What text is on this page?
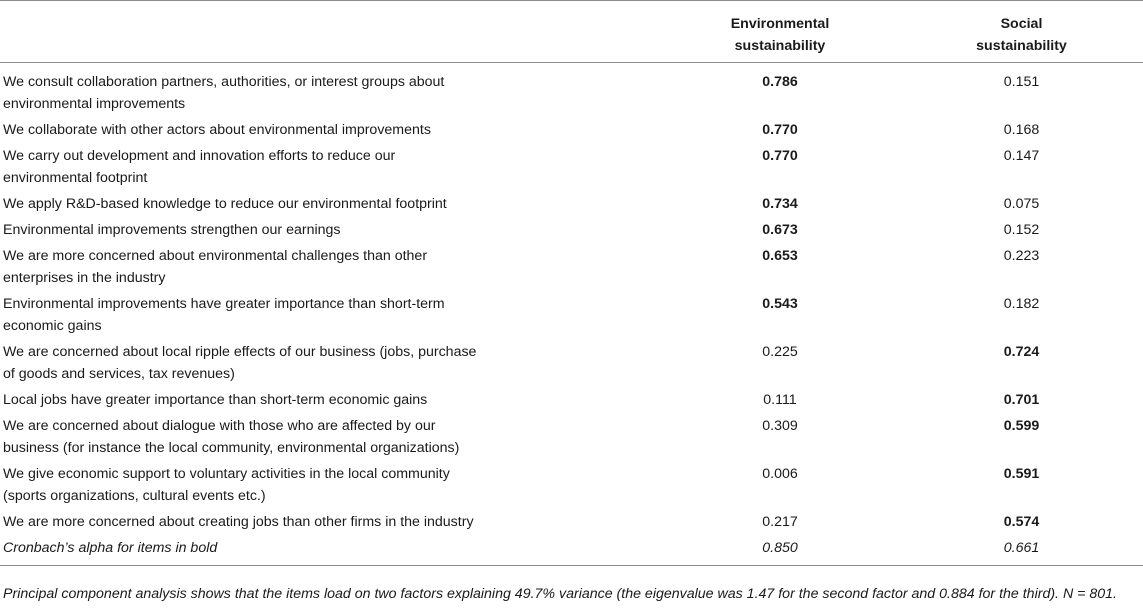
	Environmental
sustainability	Social
sustainability
We consult collaboration partners, authorities, or interest groups about
environmental improvements	0.786	0.151
We collaborate with other actors about environmental improvements	0.770	0.168
We carry out development and innovation efforts to reduce our
environmental footprint	0.770	0.147
We apply R&D-based knowledge to reduce our environmental footprint	0.734	0.075
Environmental improvements strengthen our earnings	0.673	0.152
We are more concerned about environmental challenges than other
enterprises in the industry	0.653	0.223
Environmental improvements have greater importance than short-term
economic gains	0.543	0.182
We are concerned about local ripple effects of our business (jobs, purchase
of goods and services, tax revenues)	0.225	0.724
Local jobs have greater importance than short-term economic gains	0.111	0.701
We are concerned about dialogue with those who are affected by our
business (for instance the local community, environmental organizations)	0.309	0.599
We give economic support to voluntary activities in the local community
(sports organizations, cultural events etc.)	0.006	0.591
We are more concerned about creating jobs than other firms in the industry	0.217	0.574
Cronbach’s alpha for items in bold	0.850	0.661
Principal component analysis shows that the items load on two factors explaining 49.7% variance (the eigenvalue was 1.47 for the second factor and 0.884 for the third). N = 801.
